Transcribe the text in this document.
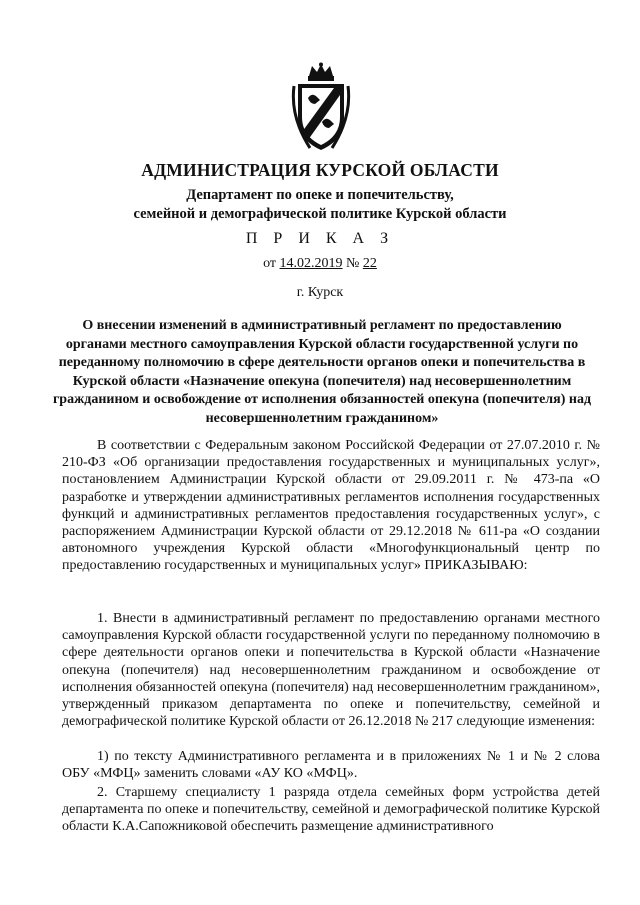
АДМИНИСТРАЦИЯ КУРСКОЙ ОБЛАСТИ
Департамент по опеке и попечительству,
семейной и демографической политике Курской области
П Р И К А З
от 14.02.2019 № 22
г. Курск
О внесении изменений в административный регламент по предоставлению органами местного самоуправления Курской области государственной услуги по переданному полномочию в сфере деятельности органов опеки и попечительства в Курской области «Назначение опекуна (попечителя) над несовершеннолетним гражданином и освобождение от исполнения обязанностей опекуна (попечителя) над несовершеннолетним гражданином»
В соответствии с Федеральным законом Российской Федерации от 27.07.2010 г. № 210-ФЗ «Об организации предоставления государственных и муниципальных услуг», постановлением Администрации Курской области от 29.09.2011 г. № 473-па «О разработке и утверждении административных регламентов исполнения государственных функций и административных регламентов предоставления государственных услуг», с распоряжением Администрации Курской области от 29.12.2018 № 611-ра «О создании автономного учреждения Курской области «Многофункциональный центр по предоставлению государственных и муниципальных услуг» ПРИКАЗЫВАЮ:
1. Внести в административный регламент по предоставлению органами местного самоуправления Курской области государственной услуги по переданному полномочию в сфере деятельности органов опеки и попечительства в Курской области «Назначение опекуна (попечителя) над несовершеннолетним гражданином и освобождение от исполнения обязанностей опекуна (попечителя) над несовершеннолетним гражданином», утвержденный приказом департамента по опеке и попечительству, семейной и демографической политике Курской области от 26.12.2018 № 217 следующие изменения:
1) по тексту Административного регламента и в приложениях № 1 и № 2 слова ОБУ «МФЦ» заменить словами «АУ КО «МФЦ».
2. Старшему специалисту 1 разряда отдела семейных форм устройства детей департамента по опеке и попечительству, семейной и демографической политике Курской области К.А.Сапожниковой обеспечить размещение административного
